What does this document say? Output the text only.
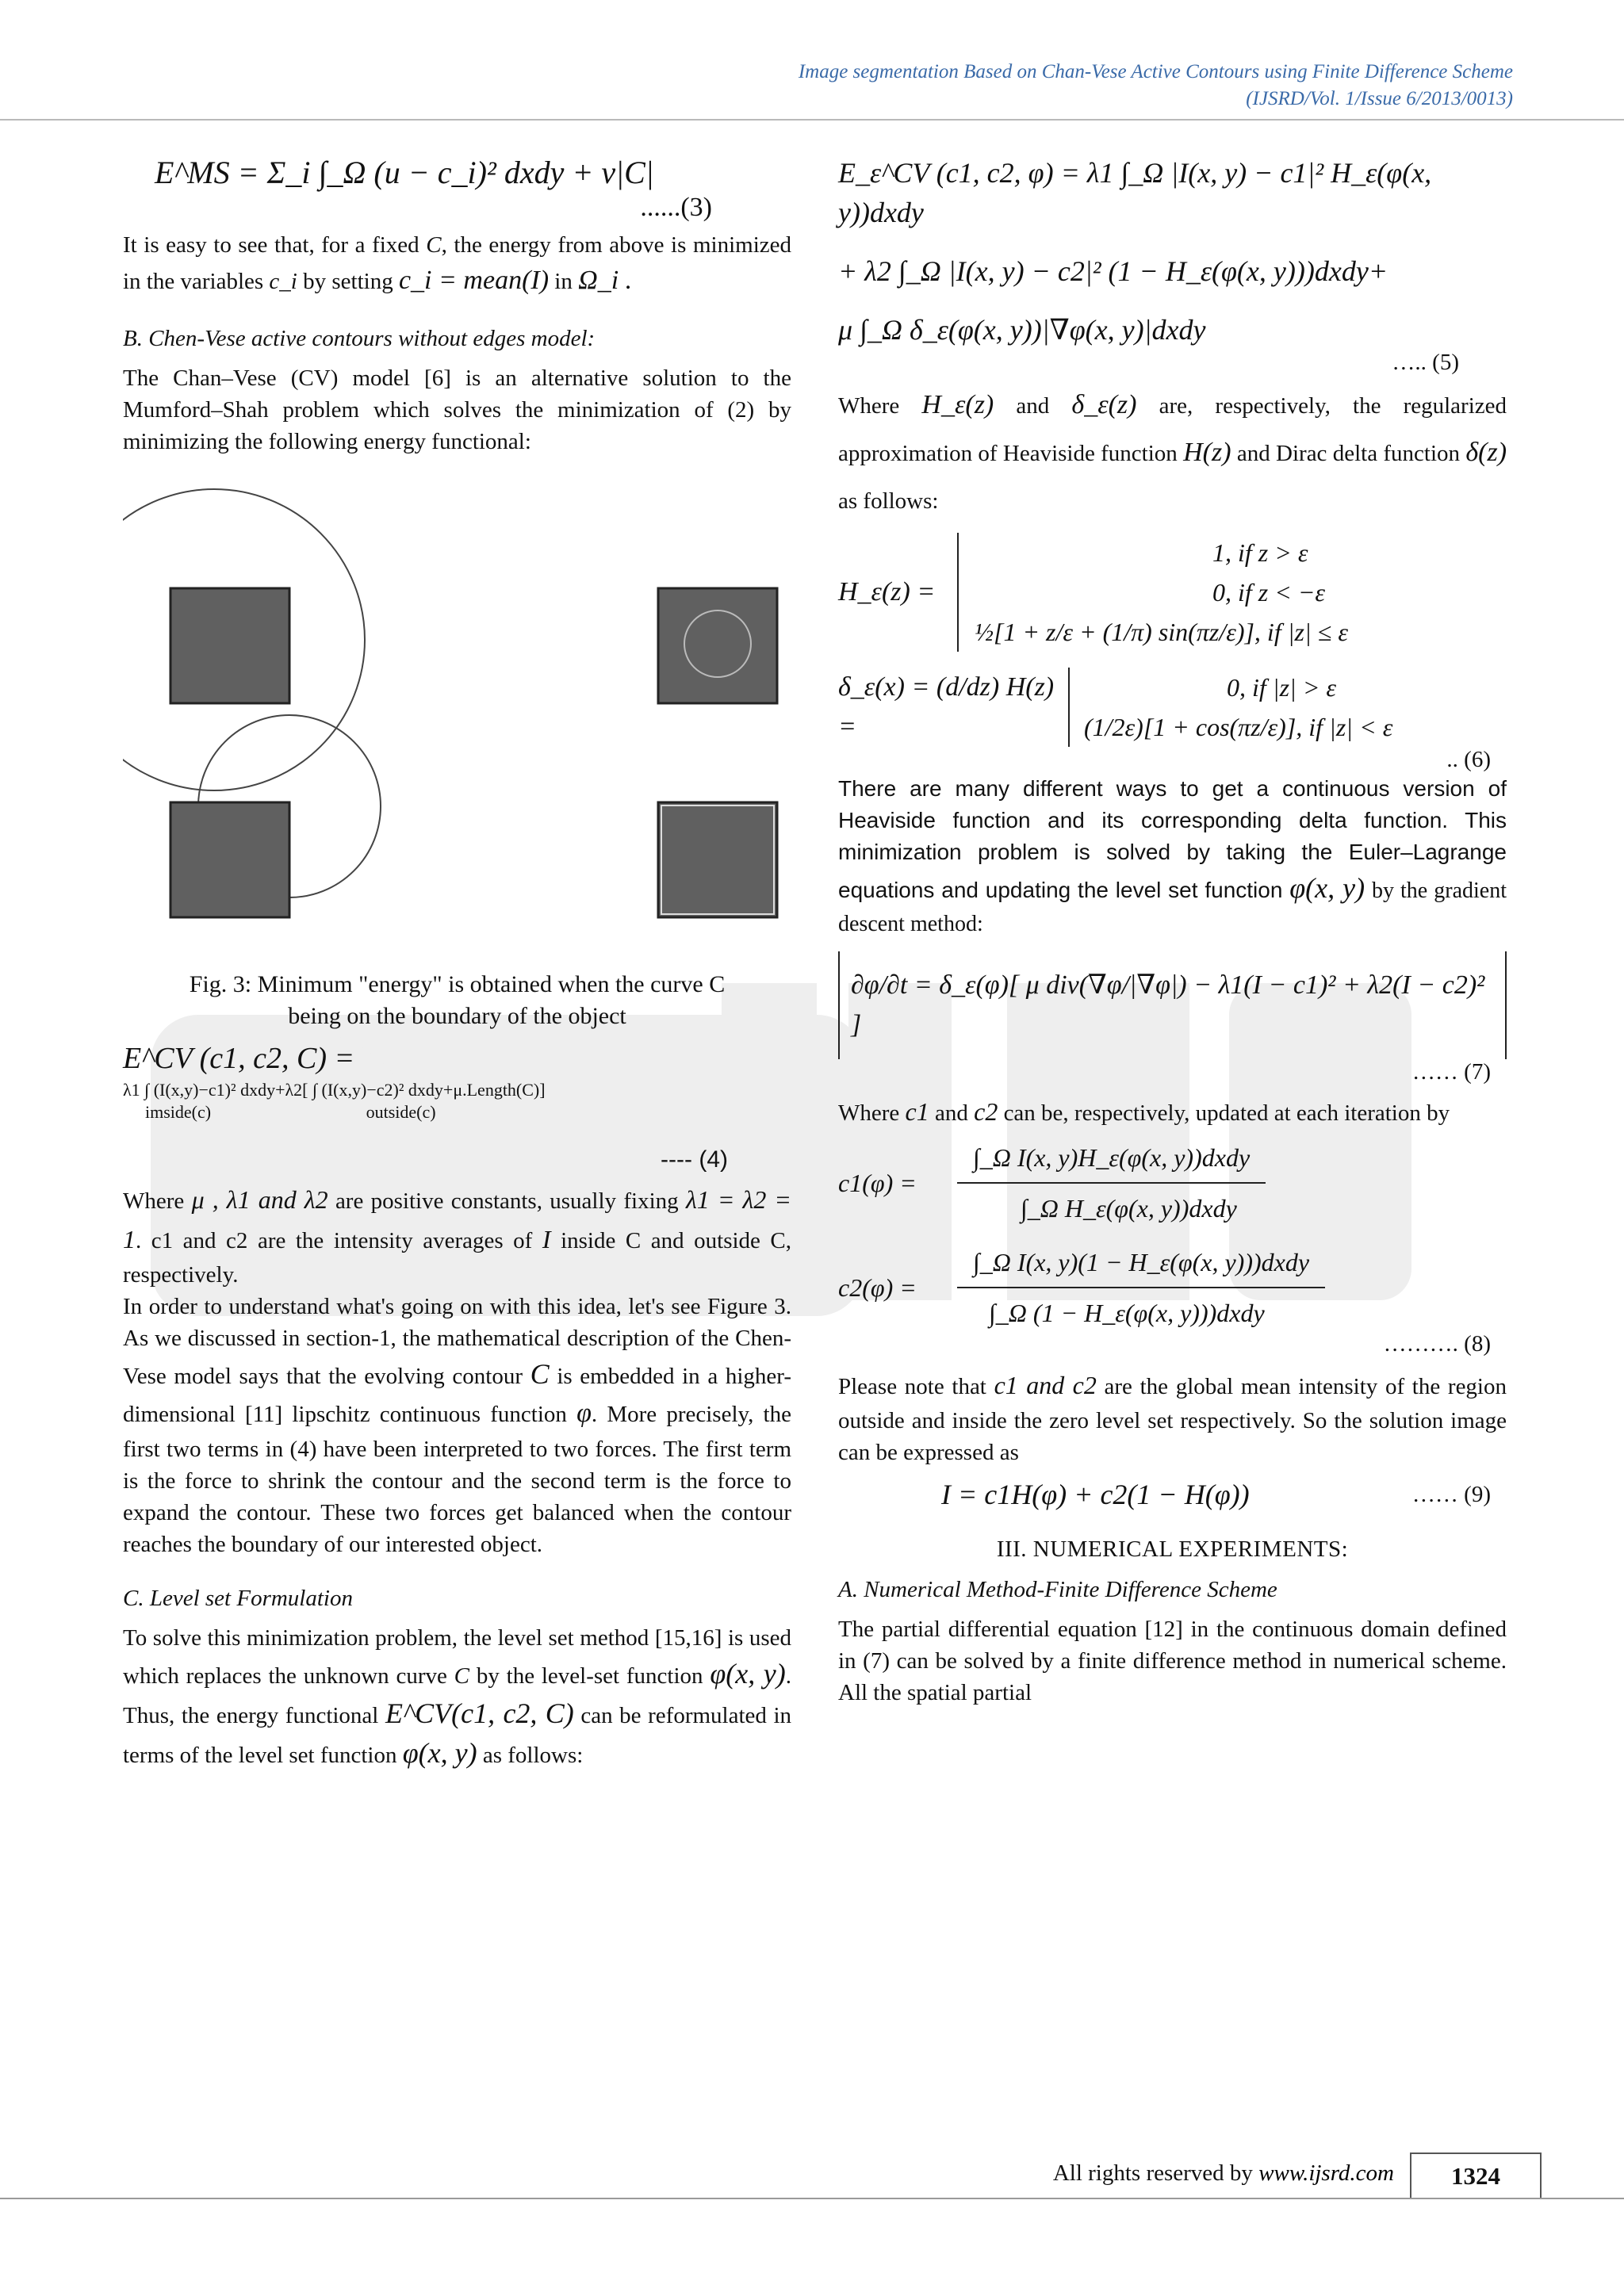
Image segmentation Based on Chan-Vese Active Contours using Finite Difference Scheme
(IJSRD/Vol. 1/Issue 6/2013/0013)
E^MS = Σ_i ∫_Ω (u − c_i)² dxdy + ν|C|
......(3)

It is easy to see that, for a fixed C, the energy from above is minimized in the variables c_i by setting c_i = mean(I) in Ω_i .

B. Chen-Vese active contours without edges model:

The Chan–Vese (CV) model [6] is an alternative solution to the Mumford–Shah problem which solves the minimization of (2) by minimizing the following energy functional:

Fig. 3: Minimum "energy" is obtained when the curve C
being on the boundary of the object

E^CV (c1, c2, C) =
λ1 ∫ (I(x,y)−c1)² dxdy+λ2[ ∫ (I(x,y)−c2)² dxdy+μ.Length(C)]
imside(c)	outside(c)
---- (4)

Where μ , λ1 and λ2 are positive constants, usually fixing λ1 = λ2 = 1. c1 and c2 are the intensity averages of I inside C and outside C, respectively.

In order to understand what's going on with this idea, let's see Figure 3. As we discussed in section-1, the mathematical description of the Chen-Vese model says that the evolving contour C is embedded in a higher-dimensional [11] lipschitz continuous function φ. More precisely, the first two terms in (4) have been interpreted to two forces. The first term is the force to shrink the contour and the second term is the force to expand the contour. These two forces get balanced when the contour reaches the boundary of our interested object.

C. Level set Formulation

To solve this minimization problem, the level set method [15,16] is used which replaces the unknown curve C by the level-set function φ(x, y). Thus, the energy functional E^CV(c1, c2, C) can be reformulated in terms of the level set function φ(x, y) as follows:

E_ε^CV (c1, c2, φ) = λ1 ∫_Ω |I(x, y) − c1|² H_ε(φ(x, y))dxdy
+ λ2 ∫_Ω |I(x, y) − c2|² (1 − H_ε(φ(x, y)))dxdy+
μ ∫_Ω δ_ε(φ(x, y))|∇φ(x, y)|dxdy
….. (5)

Where H_ε(z) and δ_ε(z) are, respectively, the regularized approximation of Heaviside function H(z) and Dirac delta function δ(z) as follows:

H_ε(z) =
1, if z > ε
0, if z < −ε
½[1 + z/ε + (1/π) sin(πz/ε)], if |z| ≤ ε
δ_ε(x) = (d/dz) H(z) =
0, if |z| > ε
(1/2ε)[1 + cos(πz/ε)], if |z| < ε
.. (6)

There are many different ways to get a continuous version of Heaviside function and its corresponding delta function. This minimization problem is solved by taking the Euler–Lagrange equations and updating the level set function φ(x, y) by the gradient descent method:

∂φ/∂t = δ_ε(φ)[ μ div(∇φ/|∇φ|) − λ1(I − c1)² + λ2(I − c2)² ]
…… (7)

Where c1 and c2 can be, respectively, updated at each iteration by

c1(φ) =
∫_Ω I(x, y)H_ε(φ(x, y))dxdy
∫_Ω H_ε(φ(x, y))dxdy
c2(φ) =
∫_Ω I(x, y)(1 − H_ε(φ(x, y)))dxdy
∫_Ω (1 − H_ε(φ(x, y)))dxdy
………. (8)

Please note that c1 and c2 are the global mean intensity of the region outside and inside the zero level set respectively. So the solution image can be expressed as

I = c1H(φ) + c2(1 − H(φ))	…… (9)
III. NUMERICAL EXPERIMENTS:
A. Numerical Method-Finite Difference Scheme

The partial differential equation [12] in the continuous domain defined in (7) can be solved by a finite difference method in numerical scheme. All the spatial partial

All rights reserved by www.ijsrd.com	1324
